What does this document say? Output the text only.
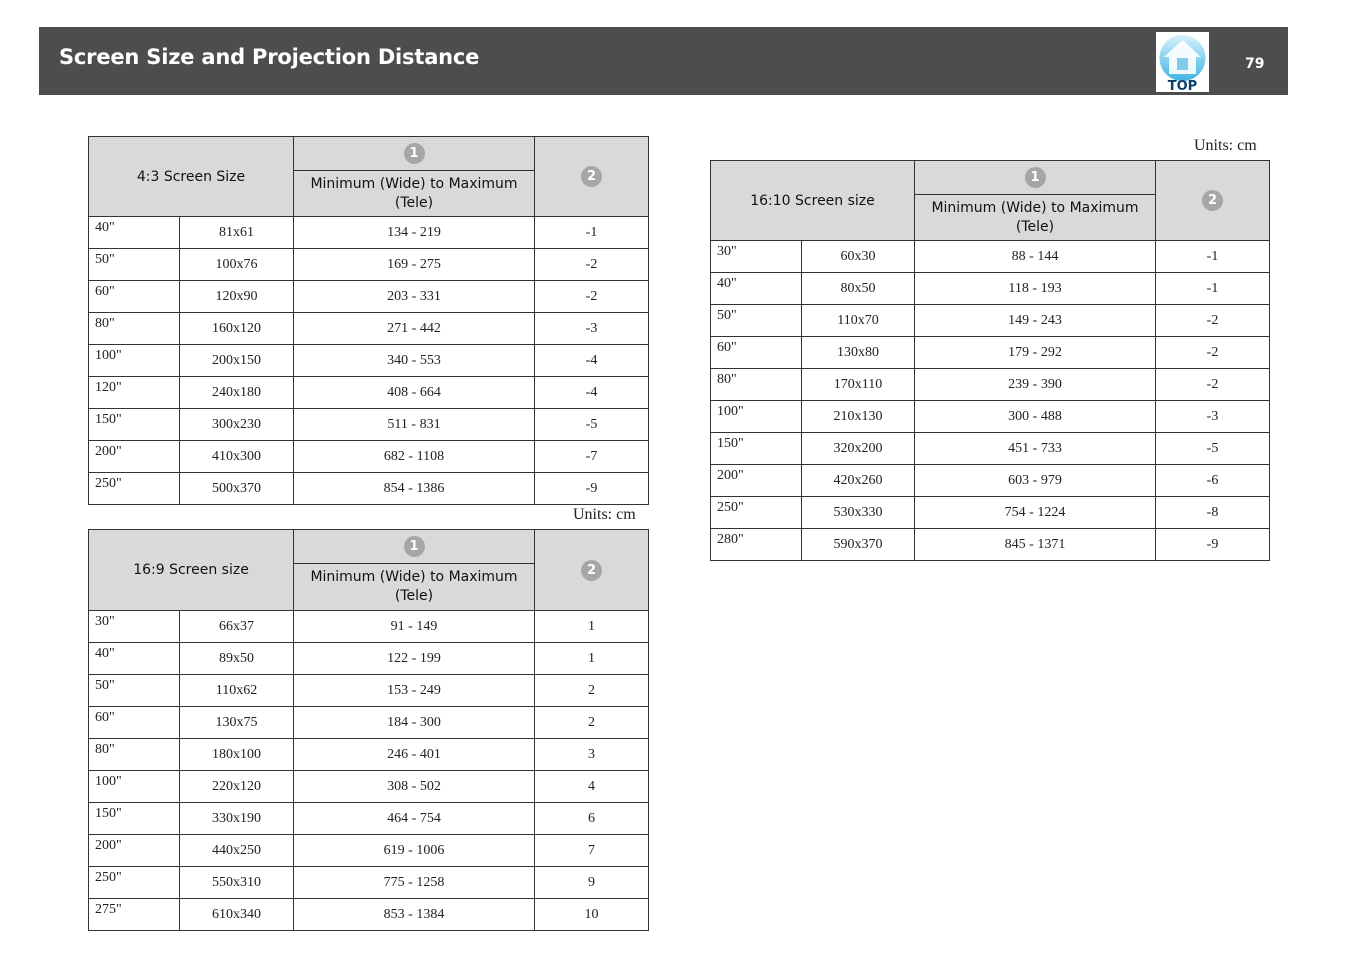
Screen Size and Projection Distance
TOP
79
4:3 Screen Size		1	2
		Minimum (Wide) to Maximum (Tele)	
40"	81x61	134 - 219	-1
50"	100x76	169 - 275	-2
60"	120x90	203 - 331	-2
80"	160x120	271 - 442	-3
100"	200x150	340 - 553	-4
120"	240x180	408 - 664	-4
150"	300x230	511 - 831	-5
200"	410x300	682 - 1108	-7
250"	500x370	854 - 1386	-9
Units: cm
16:9 Screen size		1	2
		Minimum (Wide) to Maximum (Tele)	
30"	66x37	91 - 149	1
40"	89x50	122 - 199	1
50"	110x62	153 - 249	2
60"	130x75	184 - 300	2
80"	180x100	246 - 401	3
100"	220x120	308 - 502	4
150"	330x190	464 - 754	6
200"	440x250	619 - 1006	7
250"	550x310	775 - 1258	9
275"	610x340	853 - 1384	10
Units: cm
16:10 Screen size		1	2
		Minimum (Wide) to Maximum (Tele)	
30"	60x30	88 - 144	-1
40"	80x50	118 - 193	-1
50"	110x70	149 - 243	-2
60"	130x80	179 - 292	-2
80"	170x110	239 - 390	-2
100"	210x130	300 - 488	-3
150"	320x200	451 - 733	-5
200"	420x260	603 - 979	-6
250"	530x330	754 - 1224	-8
280"	590x370	845 - 1371	-9
